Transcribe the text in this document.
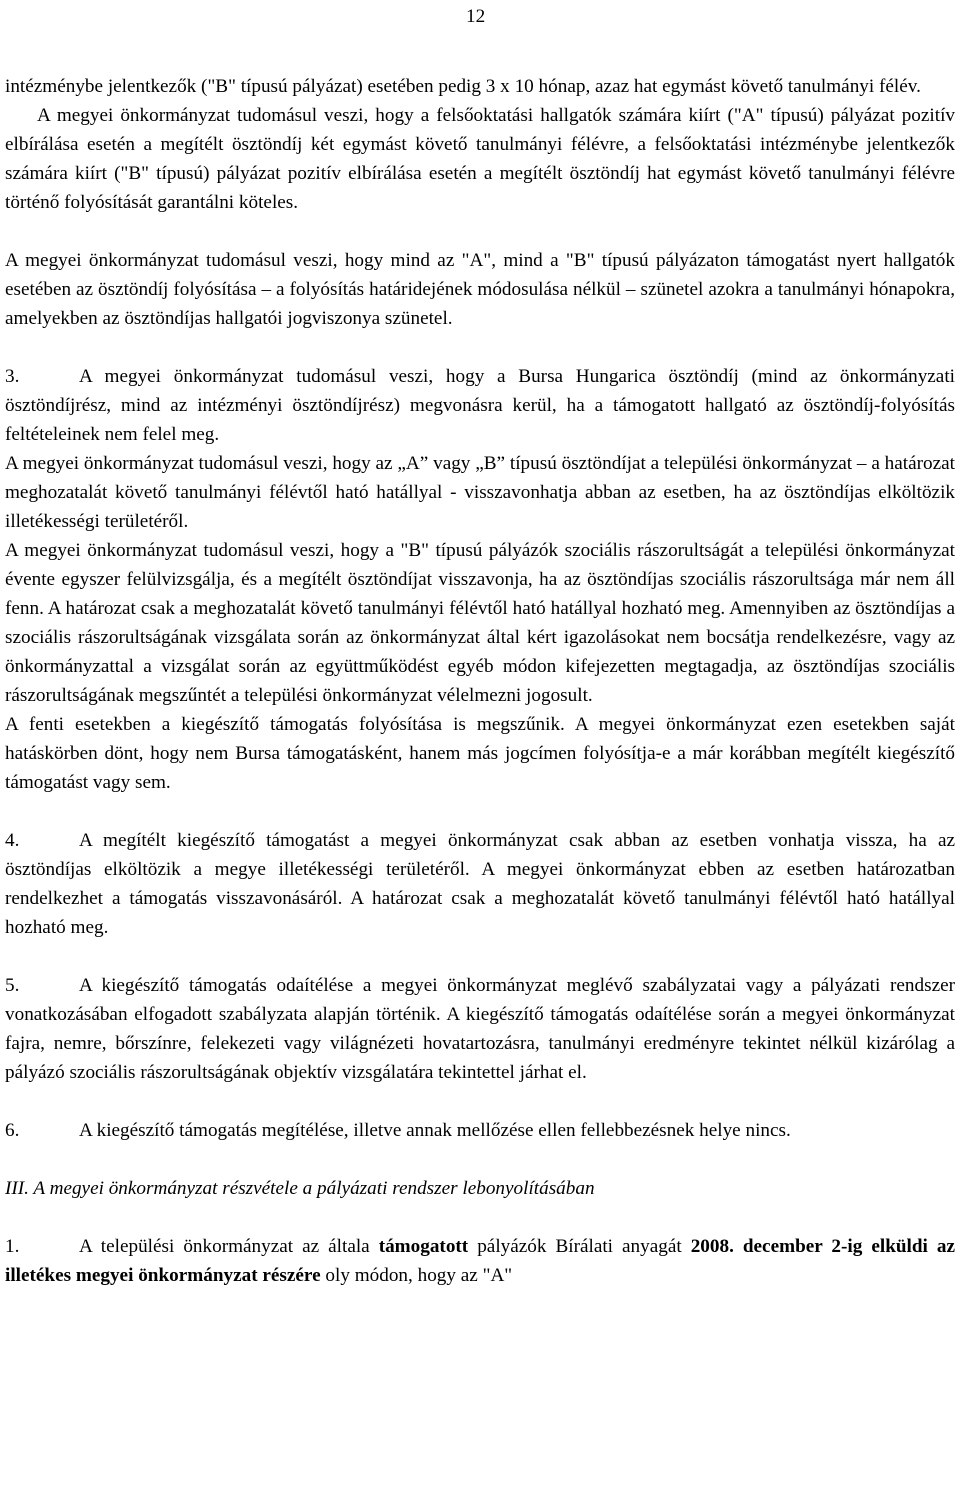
12

intézménybe jelentkezők ("B" típusú pályázat) esetében pedig 3 x 10 hónap, azaz hat egymást követő tanulmányi félév.

A megyei önkormányzat tudomásul veszi, hogy a felsőoktatási hallgatók számára kiírt ("A" típusú) pályázat pozitív elbírálása esetén a megítélt ösztöndíj két egymást követő tanulmányi félévre, a felsőoktatási intézménybe jelentkezők számára kiírt ("B" típusú) pályázat pozitív elbírálása esetén a megítélt ösztöndíj hat egymást követő tanulmányi félévre történő folyósítását garantálni köteles.

A megyei önkormányzat tudomásul veszi, hogy mind az "A", mind a "B" típusú pályázaton támogatást nyert hallgatók esetében az ösztöndíj folyósítása – a folyósítás határidejének módosulása nélkül – szünetel azokra a tanulmányi hónapokra, amelyekben az ösztöndíjas hallgatói jogviszonya szünetel.

3.	A megyei önkormányzat tudomásul veszi, hogy a Bursa Hungarica ösztöndíj (mind az önkormányzati ösztöndíjrész, mind az intézményi ösztöndíjrész) megvonásra kerül, ha a támogatott hallgató az ösztöndíj-folyósítás feltételeinek nem felel meg.

A megyei önkormányzat tudomásul veszi, hogy az „A” vagy „B” típusú ösztöndíjat a települési önkormányzat – a határozat meghozatalát követő tanulmányi félévtől ható hatállyal - visszavonhatja abban az esetben, ha az ösztöndíjas elköltözik illetékességi területéről.

A megyei önkormányzat tudomásul veszi, hogy a "B" típusú pályázók szociális rászorultságát a települési önkormányzat évente egyszer felülvizsgálja, és a megítélt ösztöndíjat visszavonja, ha az ösztöndíjas szociális rászorultsága már nem áll fenn. A határozat csak a meghozatalát követő tanulmányi félévtől ható hatállyal hozható meg. Amennyiben az ösztöndíjas a szociális rászorultságának vizsgálata során az önkormányzat által kért igazolásokat nem bocsátja rendelkezésre, vagy az önkormányzattal a vizsgálat során az együttműködést egyéb módon kifejezetten megtagadja, az ösztöndíjas szociális rászorultságának megszűntét a települési önkormányzat vélelmezni jogosult.

A fenti esetekben a kiegészítő támogatás folyósítása is megszűnik. A megyei önkormányzat ezen esetekben saját hatáskörben dönt, hogy nem Bursa támogatásként, hanem más jogcímen folyósítja-e a már korábban megítélt kiegészítő támogatást vagy sem.

4.	A megítélt kiegészítő támogatást a megyei önkormányzat csak abban az esetben vonhatja vissza, ha az ösztöndíjas elköltözik a megye illetékességi területéről. A megyei önkormányzat ebben az esetben határozatban rendelkezhet a támogatás visszavonásáról. A határozat csak a meghozatalát követő tanulmányi félévtől ható hatállyal hozható meg.

5.	A kiegészítő támogatás odaítélése a megyei önkormányzat meglévő szabályzatai vagy a pályázati rendszer vonatkozásában elfogadott szabályzata alapján történik. A kiegészítő támogatás odaítélése során a megyei önkormányzat fajra, nemre, bőrszínre, felekezeti vagy világnézeti hovatartozásra, tanulmányi eredményre tekintet nélkül kizárólag a pályázó szociális rászorultságának objektív vizsgálatára tekintettel járhat el.

6.	A kiegészítő támogatás megítélése, illetve annak mellőzése ellen fellebbezésnek helye nincs.

III. A megyei önkormányzat részvétele a pályázati rendszer lebonyolításában

1.	A települési önkormányzat az általa támogatott pályázók Bírálati anyagát 2008. december 2-ig elküldi az illetékes megyei önkormányzat részére oly módon, hogy az "A"
